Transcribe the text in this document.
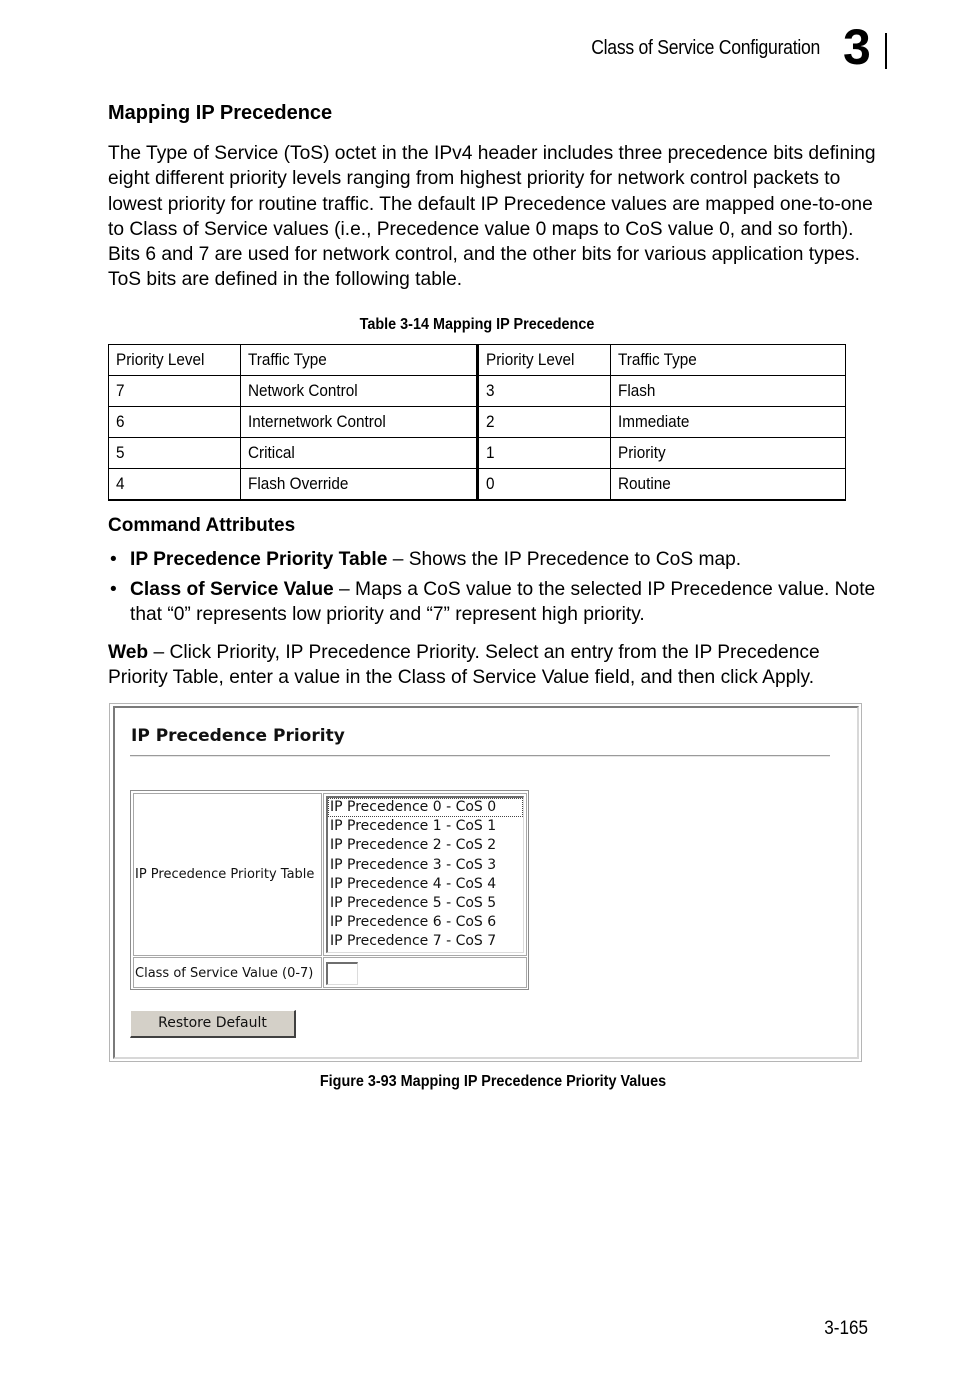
Class of Service Configuration 3
Mapping IP Precedence

The Type of Service (ToS) octet in the IPv4 header includes three precedence bits defining eight different priority levels ranging from highest priority for network control packets to lowest priority for routine traffic. The default IP Precedence values are mapped one-to-one to Class of Service values (i.e., Precedence value 0 maps to CoS value 0, and so forth). Bits 6 and 7 are used for network control, and the other bits for various application types. ToS bits are defined in the following table.

Table 3-14 Mapping IP Precedence
Priority Level	Traffic Type	Priority Level	Traffic Type
7	Network Control	3	Flash
6	Internetwork Control	2	Immediate
5	Critical	1	Priority
4	Flash Override	0	Routine
Command Attributes
• IP Precedence Priority Table – Shows the IP Precedence to CoS map.
• Class of Service Value – Maps a CoS value to the selected IP Precedence value. Note that “0” represents low priority and “7” represent high priority.

Web – Click Priority, IP Precedence Priority. Select an entry from the IP Precedence Priority Table, enter a value in the Class of Service Value field, and then click Apply.

IP Precedence Priority
IP Precedence Priority Table
IP Precedence 0 - CoS 0
IP Precedence 1 - CoS 1
IP Precedence 2 - CoS 2
IP Precedence 3 - CoS 3
IP Precedence 4 - CoS 4
IP Precedence 5 - CoS 5
IP Precedence 6 - CoS 6
IP Precedence 7 - CoS 7
Class of Service Value (0-7)
Restore Default
Figure 3-93 Mapping IP Precedence Priority Values
3-165
